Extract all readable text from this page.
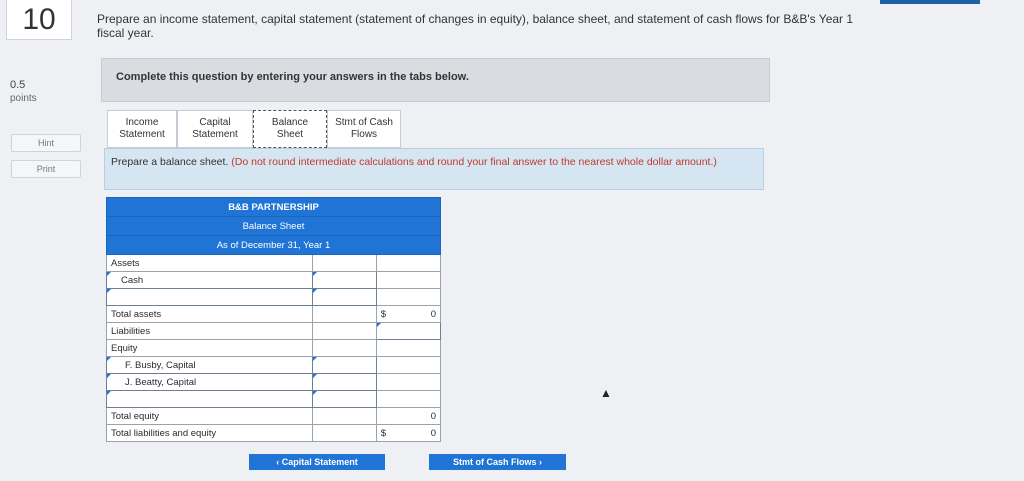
10	Prepare an income statement, capital statement (statement of changes in equity), balance sheet, and statement of cash flows for B&B's Year 1 fiscal year.
0.5
points
Hint
Print
Complete this question by entering your answers in the tabs below.
Income
Statement
Capital
Statement
Balance Sheet
Stmt of Cash
Flows
Prepare a balance sheet. (Do not round intermediate calculations and round your final answer to the nearest whole dollar amount.)
B&B PARTNERSHIP		
Balance Sheet		
As of December 31, Year 1		
Assets		
Cash		

Total assets		$ 0

Liabilities		
Equity		
F. Busby, Capital		
J. Beatty, Capital		

Total equity		0

Total liabilities and equity		$ 0
‹ Capital Statement	Stmt of Cash Flows ›
▲
